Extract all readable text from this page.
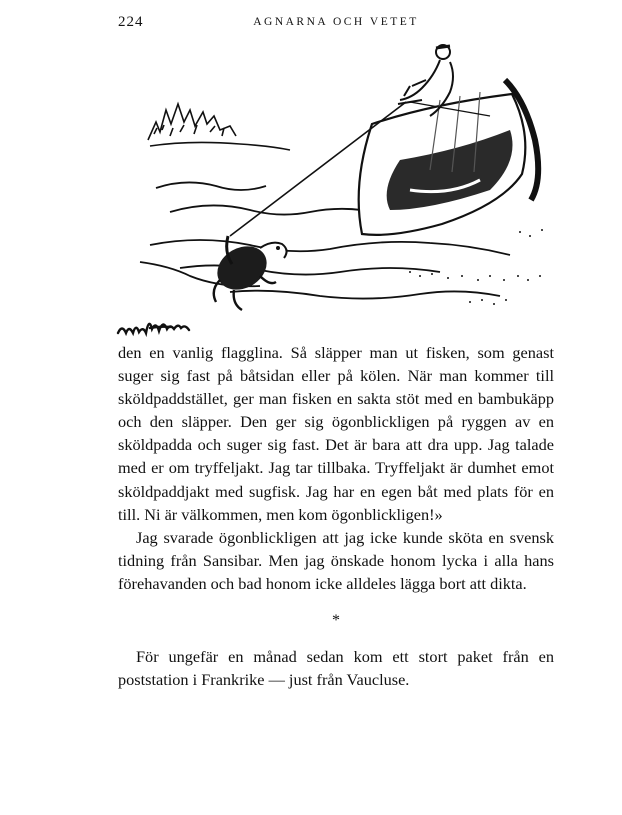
224	AGNARNA OCH VETET

den en vanlig flagglina. Så släpper man ut fisken, som genast suger sig fast på båtsidan eller på kölen. När man kommer till sköldpaddstället, ger man fisken en sakta stöt med en bambukäpp och den släpper. Den ger sig ögonblickligen på ryggen av en sköldpadda och suger sig fast. Det är bara att dra upp. Jag talade med er om tryffeljakt. Jag tar tillbaka. Tryffeljakt är dumhet emot sköldpaddjakt med sugfisk. Jag har en egen båt med plats för en till. Ni är välkommen, men kom ögonblickligen!»

Jag svarade ögonblickligen att jag icke kunde sköta en svensk tidning från Sansibar. Men jag önskade honom lycka i alla hans förehavanden och bad honom icke alldeles lägga bort att dikta.

*

För ungefär en månad sedan kom ett stort paket från en poststation i Frankrike — just från Vaucluse.
